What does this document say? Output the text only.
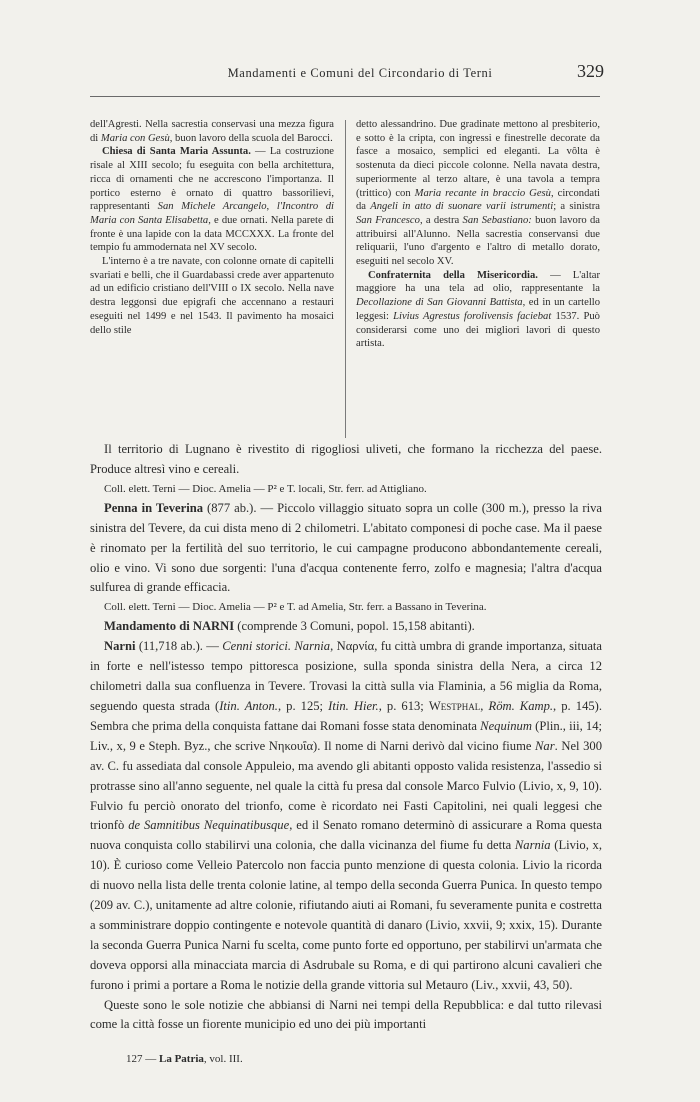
Mandamenti e Comuni del Circondario di Terni	329

dell'Agresti. Nella sacrestia conservasi una mezza figura di Maria con Gesù, buon lavoro della scuola del Barocci.

Chiesa di Santa Maria Assunta. — La costruzione risale al XIII secolo; fu eseguita con bella architettura, ricca di ornamenti che ne accrescono l'importanza. Il portico esterno è ornato di quattro bassorilievi, rappresentanti San Michele Arcangelo, l'Incontro di Maria con Santa Elisabetta, e due ornati. Nella parete di fronte è una lapide con la data MCCXXX. La fronte del tempio fu ammodernata nel XV secolo.

L'interno è a tre navate, con colonne ornate di capitelli svariati e belli, che il Guardabassi crede aver appartenuto ad un edificio cristiano dell'VIII o IX secolo. Nella nave destra leggonsi due epigrafi che accennano a restauri eseguiti nel 1499 e nel 1543. Il pavimento ha mosaici dello stile

detto alessandrino. Due gradinate mettono al presbiterio, e sotto è la cripta, con ingressi e finestrelle decorate da fasce a mosaico, semplici ed eleganti. La vôlta è sostenuta da dieci piccole colonne. Nella navata destra, superiormente al terzo altare, è una tavola a tempra (trittico) con Maria recante in braccio Gesù, circondati da Angeli in atto di suonare varii istrumenti; a sinistra San Francesco, a destra San Sebastiano: buon lavoro da attribuirsi all'Alunno. Nella sacrestia conservansi due reliquarii, l'uno d'argento e l'altro di metallo dorato, eseguiti nel secolo XV.

Confraternita della Misericordia. — L'altar maggiore ha una tela ad olio, rappresentante la Decollazione di San Giovanni Battista, ed in un cartello leggesi: Livius Agrestus forolivensis faciebat 1537. Può considerarsi come uno dei migliori lavori di questo artista.

Il territorio di Lugnano è rivestito di rigogliosi uliveti, che formano la ricchezza del paese. Produce altresì vino e cereali.

Coll. elett. Terni — Dioc. Amelia — P² e T. locali, Str. ferr. ad Attigliano.

Penna in Teverina (877 ab.). — Piccolo villaggio situato sopra un colle (300 m.), presso la riva sinistra del Tevere, da cui dista meno di 2 chilometri. L'abitato componesi di poche case. Ma il paese è rinomato per la fertilità del suo territorio, le cui campagne producono abbondantemente cereali, olio e vino. Vi sono due sorgenti: l'una d'acqua contenente ferro, zolfo e magnesia; l'altra d'acqua sulfurea di grande efficacia.

Coll. elett. Terni — Dioc. Amelia — P² e T. ad Amelia, Str. ferr. a Bassano in Teverina.

Mandamento di NARNI (comprende 3 Comuni, popol. 15,158 abitanti).

Narni (11,718 ab.). — Cenni storici. Narnia, Ναρνία, fu città umbra di grande importanza, situata in forte e nell'istesso tempo pittoresca posizione, sulla sponda sinistra della Nera, a circa 12 chilometri dalla sua confluenza in Tevere. Trovasi la città sulla via Flaminia, a 56 miglia da Roma, seguendo questa strada (Itin. Anton., p. 125; Itin. Hier., p. 613; Westphal, Röm. Kamp., p. 145). Sembra che prima della conquista fattane dai Romani fosse stata denominata Nequinum (Plin., iii, 14; Liv., x, 9 e Steph. Byz., che scrive Νηκουΐα). Il nome di Narni derivò dal vicino fiume Nar. Nel 300 av. C. fu assediata dal console Appuleio, ma avendo gli abitanti opposto valida resistenza, l'assedio si protrasse sino all'anno seguente, nel quale la città fu presa dal console Marco Fulvio (Livio, x, 9, 10). Fulvio fu perciò onorato del trionfo, come è ricordato nei Fasti Capitolini, nei quali leggesi che trionfò de Samnitibus Nequinatibusque, ed il Senato romano determinò di assicurare a Roma questa nuova conquista collo stabilirvi una colonia, che dalla vicinanza del fiume fu detta Narnia (Livio, x, 10). È curioso come Velleio Patercolo non faccia punto menzione di questa colonia. Livio la ricorda di nuovo nella lista delle trenta colonie latine, al tempo della seconda Guerra Punica. In questo tempo (209 av. C.), unitamente ad altre colonie, rifiutando aiuti ai Romani, fu severamente punita e costretta a somministrare doppio contingente e notevole quantità di danaro (Livio, xxvii, 9; xxix, 15). Durante la seconda Guerra Punica Narni fu scelta, come punto forte ed opportuno, per stabilirvi un'armata che doveva opporsi alla minacciata marcia di Asdrubale su Roma, e di qui partirono alcuni cavalieri che furono i primi a portare a Roma le notizie della grande vittoria sul Metauro (Liv., xxvii, 43, 50).

Queste sono le sole notizie che abbiansi di Narni nei tempi della Repubblica: e dal tutto rilevasi come la città fosse un fiorente municipio ed uno dei più importanti

127 — La Patria, vol. III.
